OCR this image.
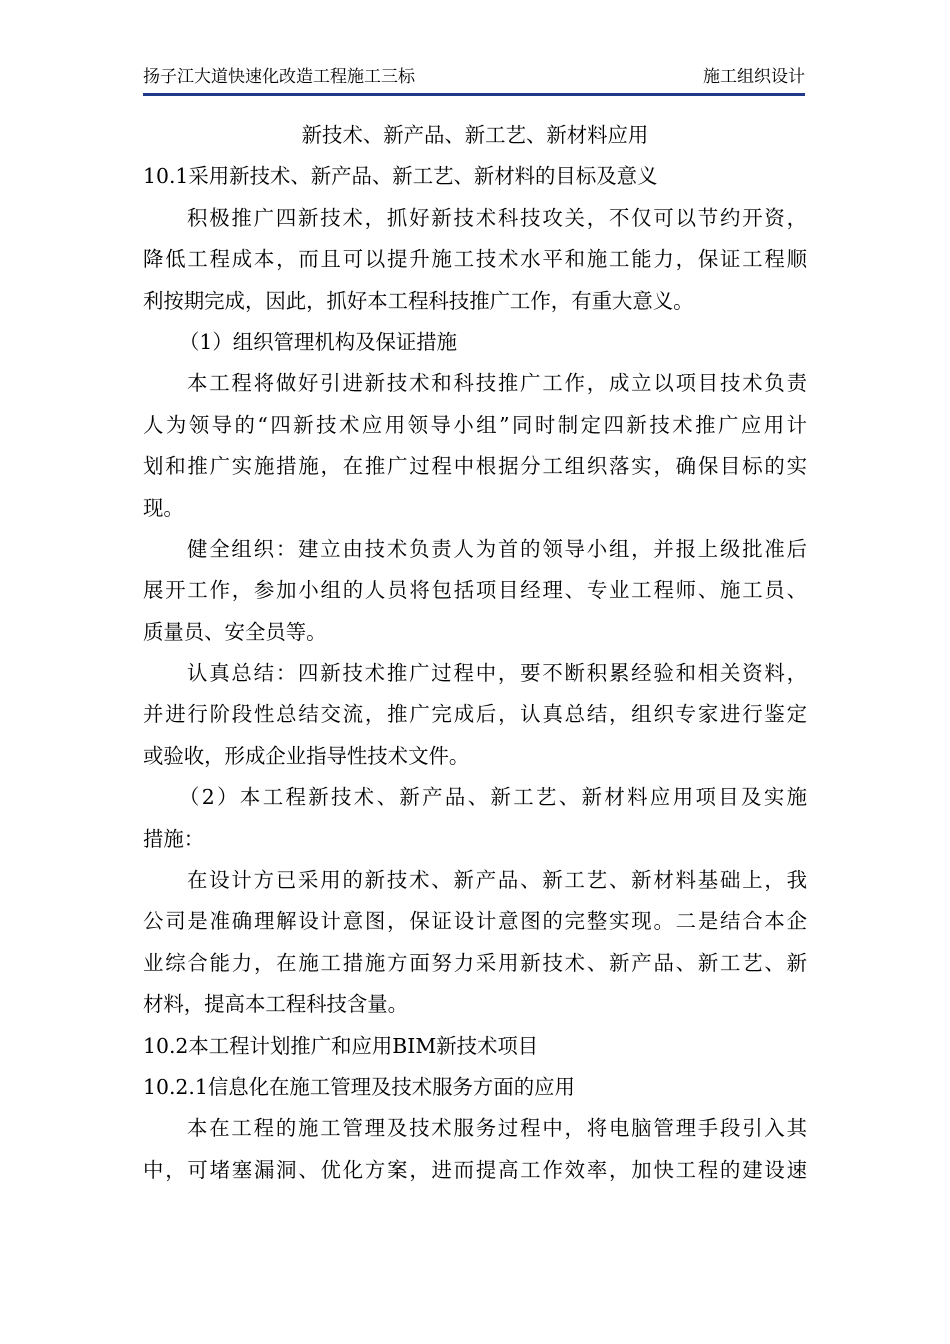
扬子江大道快速化改造工程施工三标	施工组织设计
新技术、新产品、新工艺、新材料应用
10.1采用新技术、新产品、新工艺、新材料的目标及意义
积极推广四新技术，抓好新技术科技攻关，不仅可以节约开资，
降低工程成本，而且可以提升施工技术水平和施工能力，保证工程顺
利按期完成，因此，抓好本工程科技推广工作，有重大意义。
（1）组织管理机构及保证措施
本工程将做好引进新技术和科技推广工作，成立以项目技术负责
人为领导的“四新技术应用领导小组”同时制定四新技术推广应用计
划和推广实施措施，在推广过程中根据分工组织落实，确保目标的实
现。
健全组织：建立由技术负责人为首的领导小组，并报上级批准后
展开工作，参加小组的人员将包括项目经理、专业工程师、施工员、
质量员、安全员等。
认真总结：四新技术推广过程中，要不断积累经验和相关资料，
并进行阶段性总结交流，推广完成后，认真总结，组织专家进行鉴定
或验收，形成企业指导性技术文件。
（2）本工程新技术、新产品、新工艺、新材料应用项目及实施
措施：
在设计方已采用的新技术、新产品、新工艺、新材料基础上，我
公司是准确理解设计意图，保证设计意图的完整实现。二是结合本企
业综合能力，在施工措施方面努力采用新技术、新产品、新工艺、新
材料，提高本工程科技含量。
10.2本工程计划推广和应用BIM新技术项目
10.2.1信息化在施工管理及技术服务方面的应用
本在工程的施工管理及技术服务过程中，将电脑管理手段引入其
中，可堵塞漏洞、优化方案，进而提高工作效率，加快工程的建设速
